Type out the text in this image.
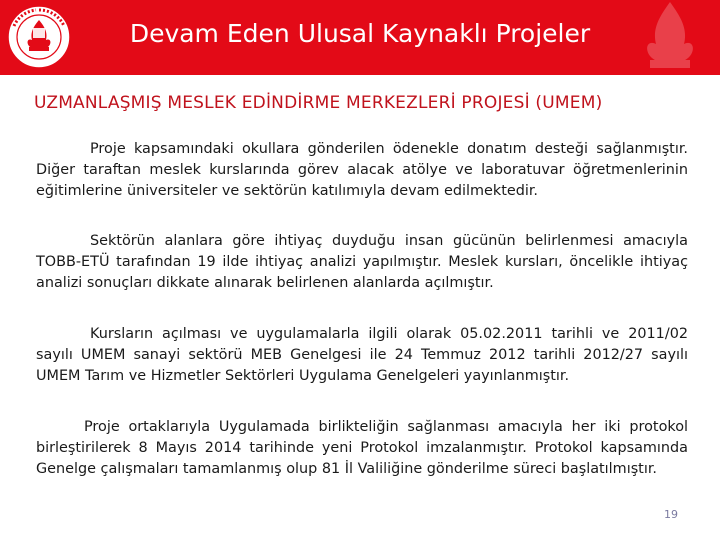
Devam Eden Ulusal Kaynaklı Projeler
UZMANLAŞMIŞ MESLEK EDİNDİRME MERKEZLERİ PROJESİ (UMEM)

Proje kapsamındaki okullara gönderilen ödenekle donatım desteği sağlanmıştır. Diğer taraftan meslek kurslarında görev alacak atölye ve laboratuvar öğretmenlerinin eğitimlerine üniversiteler ve sektörün katılımıyla devam edilmektedir.

Sektörün alanlara göre ihtiyaç duyduğu insan gücünün belirlenmesi amacıyla TOBB-ETÜ tarafından 19 ilde ihtiyaç analizi yapılmıştır. Meslek kursları, öncelikle ihtiyaç analizi sonuçları dikkate alınarak belirlenen alanlarda açılmıştır.

Kursların açılması ve uygulamalarla ilgili olarak 05.02.2011 tarihli ve 2011/02 sayılı UMEM sanayi sektörü MEB Genelgesi ile 24 Temmuz 2012 tarihli 2012/27 sayılı UMEM Tarım ve Hizmetler Sektörleri Uygulama Genelgeleri yayınlanmıştır.

Proje ortaklarıyla Uygulamada birlikteliğin sağlanması amacıyla her iki protokol birleştirilerek 8 Mayıs 2014 tarihinde yeni Protokol imzalanmıştır. Protokol kapsamında Genelge çalışmaları tamamlanmış olup 81 İl Valiliğine gönderilme süreci başlatılmıştır.

19
